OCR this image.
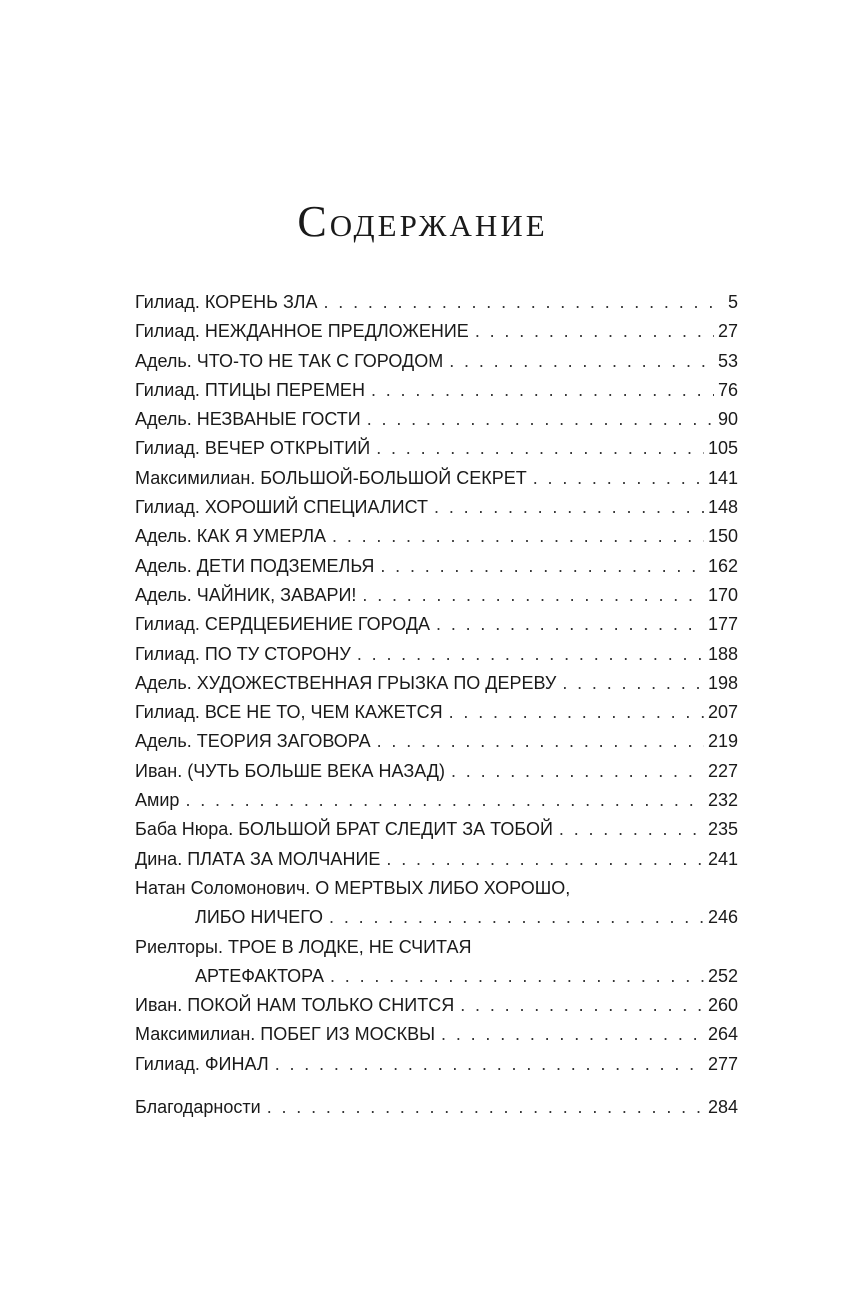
Содержание
Гилиад. КОРЕНЬ ЗЛА . . .	5
Гилиад. НЕЖДАННОЕ ПРЕДЛОЖЕНИЕ . . .	27
Адель. ЧТО-ТО НЕ ТАК С ГОРОДОМ . . .	53
Гилиад. ПТИЦЫ ПЕРЕМЕН . . .	76
Адель. НЕЗВАНЫЕ ГОСТИ . . .	90
Гилиад. ВЕЧЕР ОТКРЫТИЙ . . .	105
Максимилиан. БОЛЬШОЙ-БОЛЬШОЙ СЕКРЕТ . . .	141
Гилиад. ХОРОШИЙ СПЕЦИАЛИСТ . . .	148
Адель. КАК Я УМЕРЛА . . .	150
Адель. ДЕТИ ПОДЗЕМЕЛЬЯ . . .	162
Адель. ЧАЙНИК, ЗАВАРИ! . . .	170
Гилиад. СЕРДЦЕБИЕНИЕ ГОРОДА . . .	177
Гилиад. ПО ТУ СТОРОНУ . . .	188
Адель. ХУДОЖЕСТВЕННАЯ ГРЫЗКА ПО ДЕРЕВУ . . .	198
Гилиад. ВСЕ НЕ ТО, ЧЕМ КАЖЕТСЯ . . .	207
Адель. ТЕОРИЯ ЗАГОВОРА . . .	219
Иван. (ЧУТЬ БОЛЬШЕ ВЕКА НАЗАД) . . .	227
Амир . . .	232
Баба Нюра. БОЛЬШОЙ БРАТ СЛЕДИТ ЗА ТОБОЙ . . .	235
Дина. ПЛАТА ЗА МОЛЧАНИЕ . . .	241
Натан Соломонович. О МЕРТВЫХ ЛИБО ХОРОШО,
ЛИБО НИЧЕГО . . .	246
Риелторы. ТРОЕ В ЛОДКЕ, НЕ СЧИТАЯ
АРТЕФАКТОРА . . .	252
Иван. ПОКОЙ НАМ ТОЛЬКО СНИТСЯ . . .	260
Максимилиан. ПОБЕГ ИЗ МОСКВЫ . . .	264
Гилиад. ФИНАЛ . . .	277
Благодарности . . .	284
